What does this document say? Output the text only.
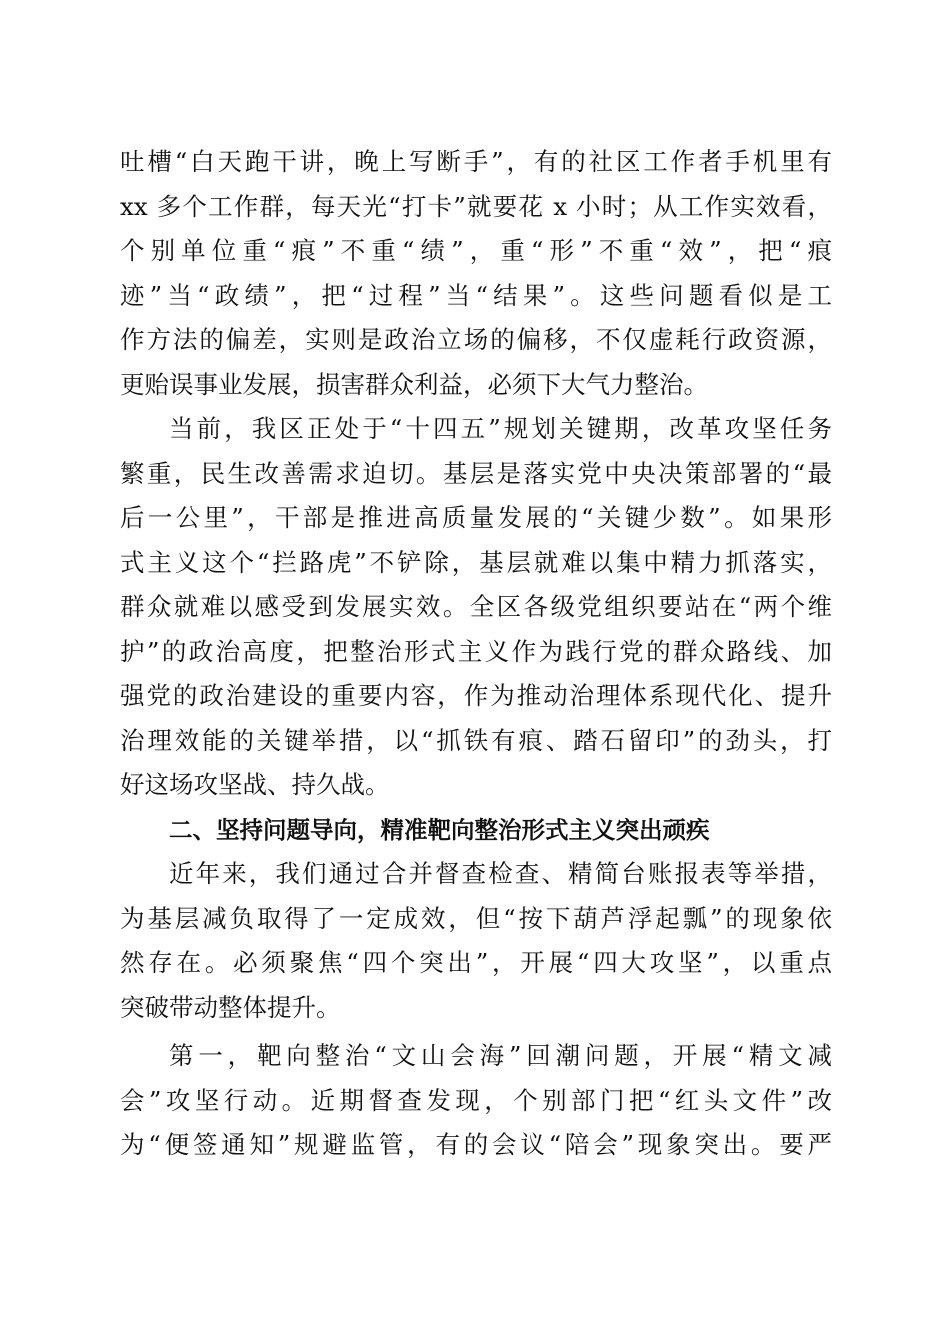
吐槽“白天跑干讲，晚上写断手”，有的社区工作者手机里有
xx 多个工作群，每天光“打卡”就要花 x 小时；从工作实效看，
个别单位重“痕”不重“绩”，重“形”不重“效”，把“痕
迹”当“政绩”，把“过程”当“结果”。这些问题看似是工
作方法的偏差，实则是政治立场的偏移，不仅虚耗行政资源，
更贻误事业发展，损害群众利益，必须下大气力整治。
当前，我区正处于“十四五”规划关键期，改革攻坚任务
繁重，民生改善需求迫切。基层是落实党中央决策部署的“最
后一公里”，干部是推进高质量发展的“关键少数”。如果形
式主义这个“拦路虎”不铲除，基层就难以集中精力抓落实，
群众就难以感受到发展实效。全区各级党组织要站在“两个维
护”的政治高度，把整治形式主义作为践行党的群众路线、加
强党的政治建设的重要内容，作为推动治理体系现代化、提升
治理效能的关键举措，以“抓铁有痕、踏石留印”的劲头，打
好这场攻坚战、持久战。
二、坚持问题导向，精准靶向整治形式主义突出顽疾
近年来，我们通过合并督查检查、精简台账报表等举措，
为基层减负取得了一定成效，但“按下葫芦浮起瓢”的现象依
然存在。必须聚焦“四个突出”，开展“四大攻坚”，以重点
突破带动整体提升。
第一，靶向整治“文山会海”回潮问题，开展“精文减
会”攻坚行动。近期督查发现，个别部门把“红头文件”改
为“便签通知”规避监管，有的会议“陪会”现象突出。要严
